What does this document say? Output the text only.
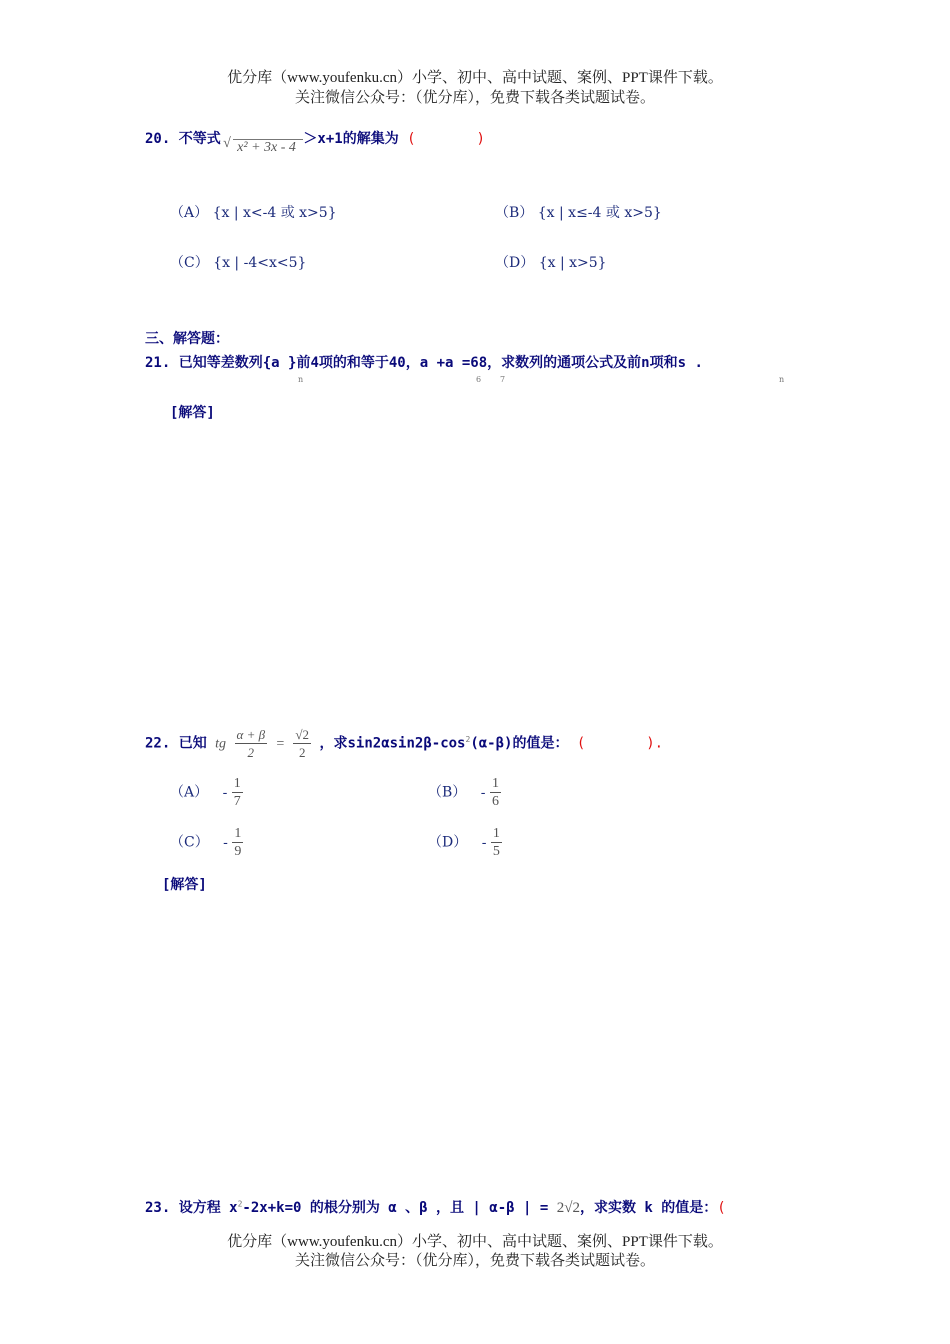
优分库（www.youfenku.cn）小学、初中、高中试题、案例、PPT课件下载。
关注微信公众号：（优分库），免费下载各类试题试卷。
20. 不等式 √ x² + 3x - 4 ＞x+1的解集为 (	)
（A） {x | x<-4 或 x>5}	（B） {x | x≤-4 或 x>5}
（C） {x | -4<x<5}	（D） {x | x>5}
三、解答题：
21. 已知等差数列{a }前4项的和等于40，a +a =68，求数列的通项公式及前n项和s .
n	6 7	n
[解答]
22. 已知 tg $\frac{\alpha + \beta}{2} = \frac{√2}{2}$ ，求$\sin 2\alpha\sin 2\beta-\cos^2(\alpha-\beta)$的值是： (	).
$(A) - \frac{1}{7}$	$(B) - \frac{1}{6}$
$(C) - \frac{1}{9}$	$(D) - \frac{1}{5}$
[解答]
23. 设方程 $x^2-2x+k=0$ 的根分别为 α 、β ，且 | α-β | = 2√2，求实数 k 的值是：(
优分库（www.youfenku.cn）小学、初中、高中试题、案例、PPT课件下载。
关注微信公众号：（优分库），免费下载各类试题试卷。
